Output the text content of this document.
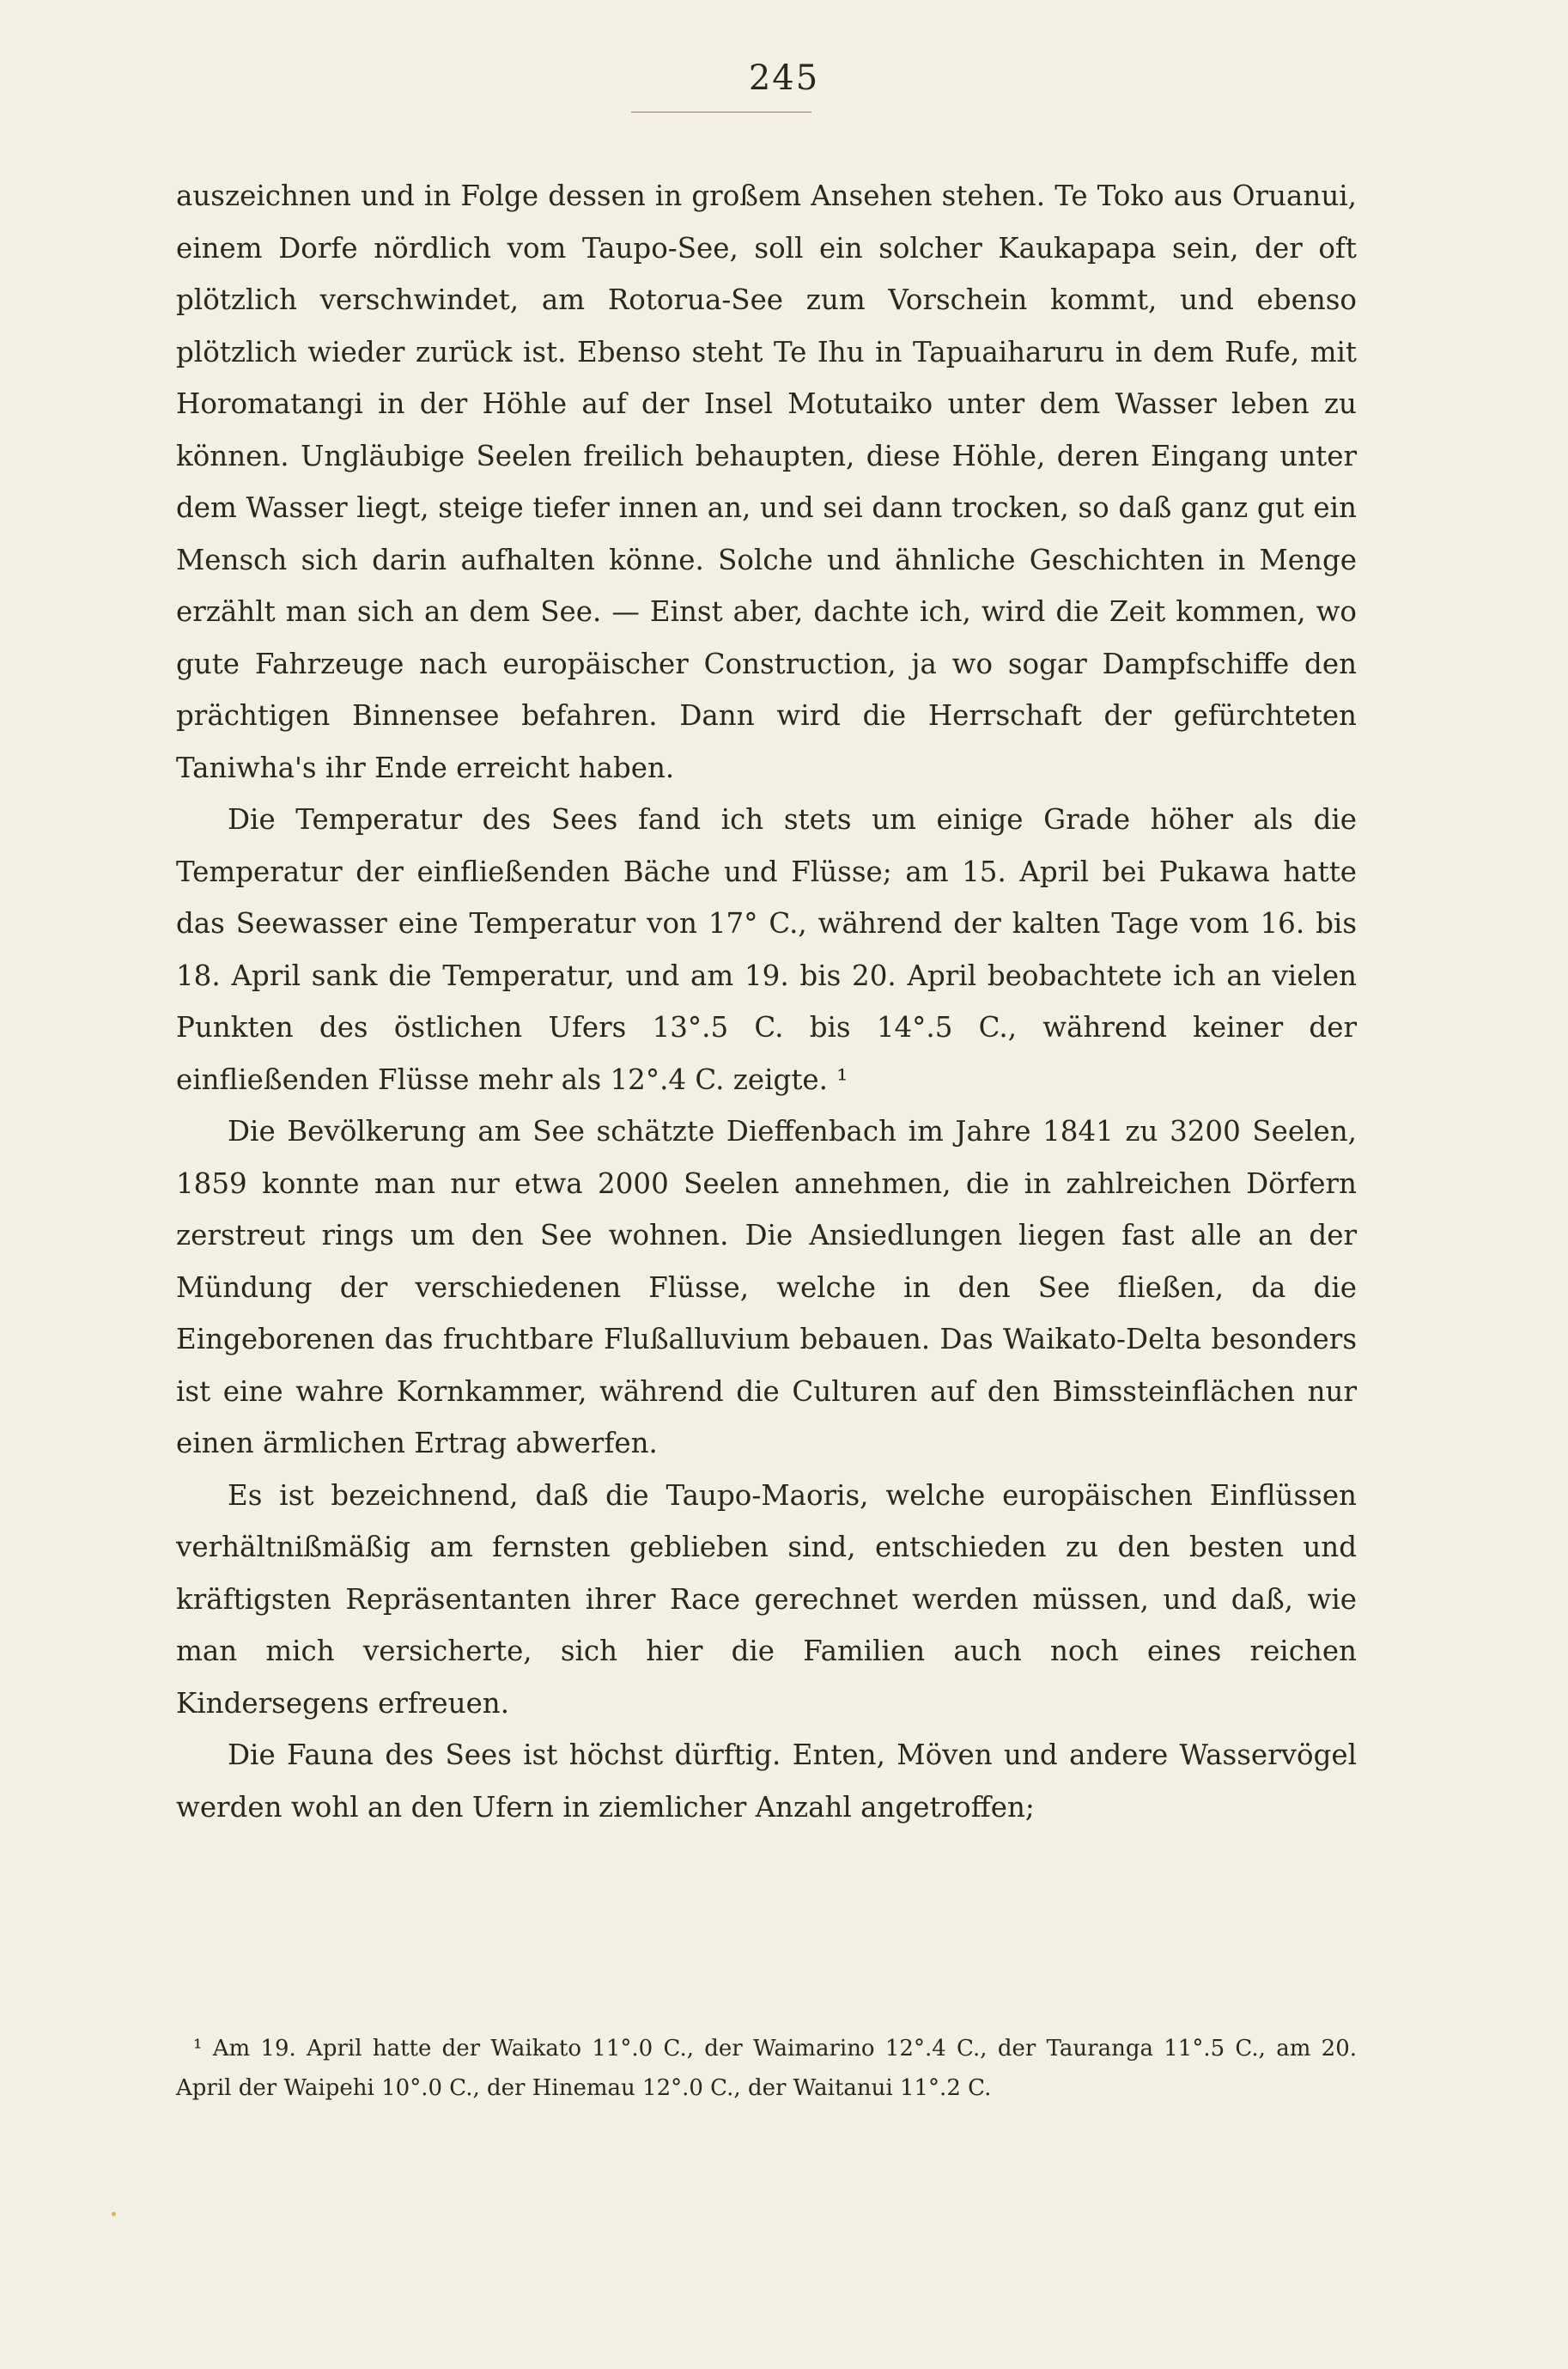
245

auszeichnen und in Folge dessen in großem Ansehen stehen. Te Toko aus Oruanui, einem Dorfe nördlich vom Taupo-See, soll ein solcher Kaukapapa sein, der oft plötzlich verschwindet, am Rotorua-See zum Vorschein kommt, und ebenso plötzlich wieder zurück ist. Ebenso steht Te Ihu in Tapuaiharuru in dem Rufe, mit Horomatangi in der Höhle auf der Insel Motutaiko unter dem Wasser leben zu können. Ungläubige Seelen freilich behaupten, diese Höhle, deren Eingang unter dem Wasser liegt, steige tiefer innen an, und sei dann trocken, so daß ganz gut ein Mensch sich darin aufhalten könne. Solche und ähnliche Geschichten in Menge erzählt man sich an dem See. — Einst aber, dachte ich, wird die Zeit kommen, wo gute Fahrzeuge nach europäischer Construction, ja wo sogar Dampfschiffe den prächtigen Binnensee befahren. Dann wird die Herrschaft der gefürchteten Taniwha's ihr Ende erreicht haben.

Die Temperatur des Sees fand ich stets um einige Grade höher als die Temperatur der einfließenden Bäche und Flüsse; am 15. April bei Pukawa hatte das Seewasser eine Temperatur von 17° C., während der kalten Tage vom 16. bis 18. April sank die Temperatur, und am 19. bis 20. April beobachtete ich an vielen Punkten des östlichen Ufers 13°.5 C. bis 14°.5 C., während keiner der einfließenden Flüsse mehr als 12°.4 C. zeigte. ¹

Die Bevölkerung am See schätzte Dieffenbach im Jahre 1841 zu 3200 Seelen, 1859 konnte man nur etwa 2000 Seelen annehmen, die in zahlreichen Dörfern zerstreut rings um den See wohnen. Die Ansiedlungen liegen fast alle an der Mündung der verschiedenen Flüsse, welche in den See fließen, da die Eingeborenen das fruchtbare Flußalluvium bebauen. Das Waikato-Delta besonders ist eine wahre Kornkammer, während die Culturen auf den Bimssteinflächen nur einen ärmlichen Ertrag abwerfen.

Es ist bezeichnend, daß die Taupo-Maoris, welche europäischen Einflüssen verhältnißmäßig am fernsten geblieben sind, entschieden zu den besten und kräftigsten Repräsentanten ihrer Race gerechnet werden müssen, und daß, wie man mich versicherte, sich hier die Familien auch noch eines reichen Kindersegens erfreuen.

Die Fauna des Sees ist höchst dürftig. Enten, Möven und andere Wasservögel werden wohl an den Ufern in ziemlicher Anzahl angetroffen;

¹ Am 19. April hatte der Waikato 11°.0 C., der Waimarino 12°.4 C., der Tauranga 11°.5 C., am 20. April der Waipehi 10°.0 C., der Hinemau 12°.0 C., der Waitanui 11°.2 C.
